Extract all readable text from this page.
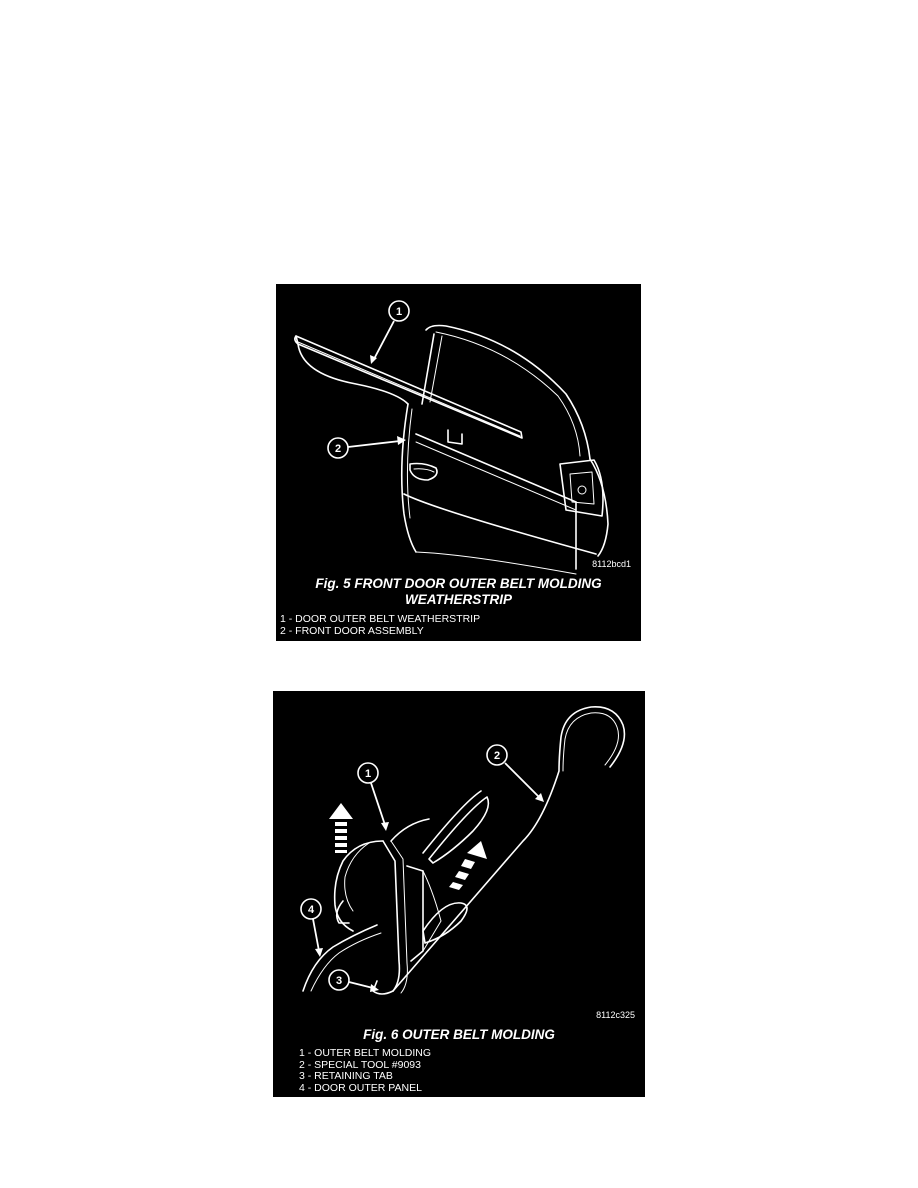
1
2
8112bcd1
Fig. 5 FRONT DOOR OUTER BELT MOLDING
WEATHERSTRIP
1 - DOOR OUTER BELT WEATHERSTRIP
2 - FRONT DOOR ASSEMBLY
1
2
3
4
8112c325
Fig. 6 OUTER BELT MOLDING
1 - OUTER BELT MOLDING
2 - SPECIAL TOOL #9093
3 - RETAINING TAB
4 - DOOR OUTER PANEL
